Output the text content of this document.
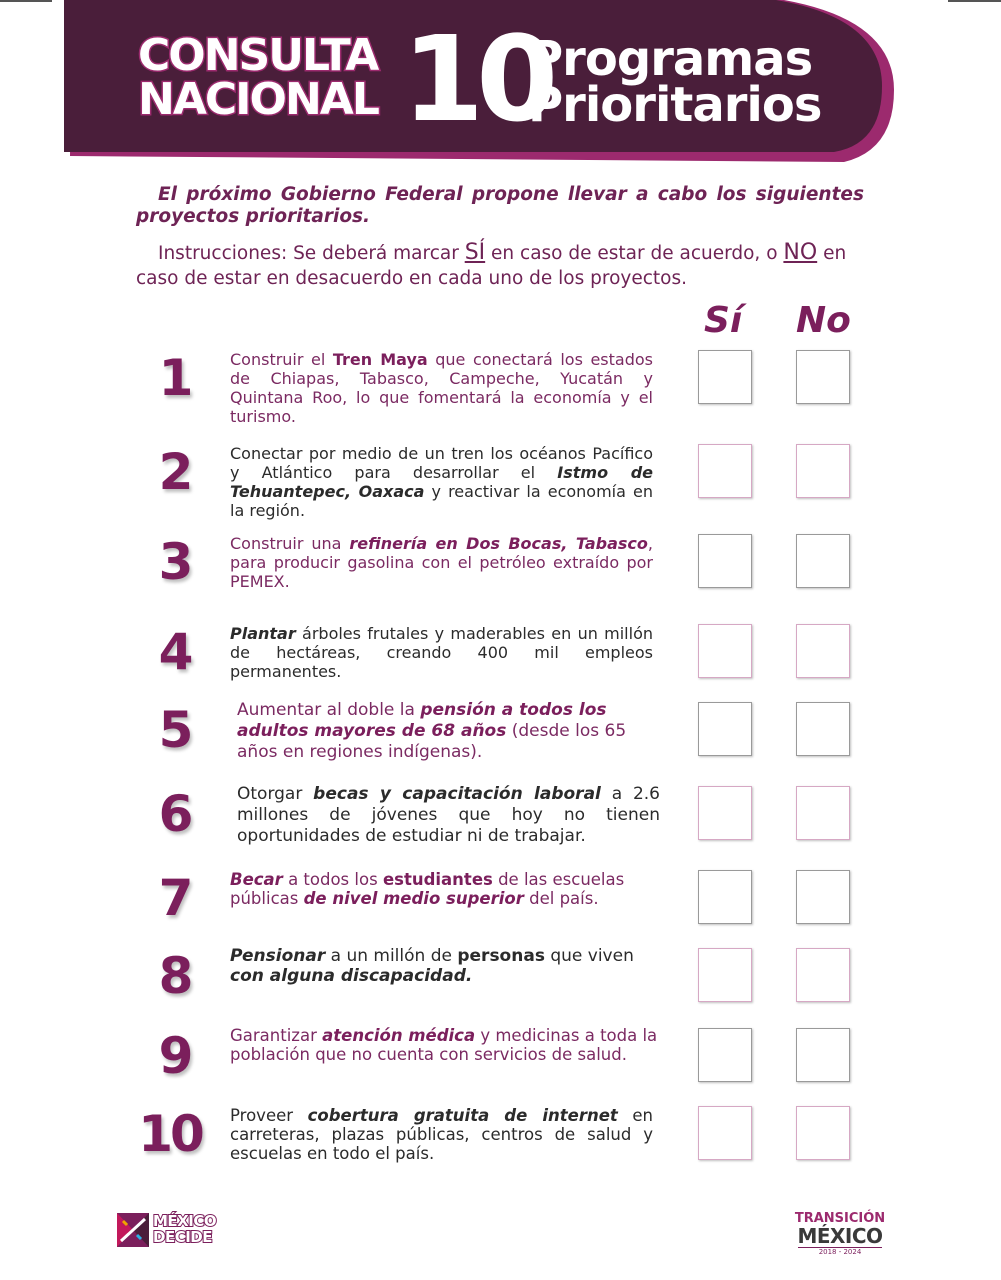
CONSULTA
NACIONAL 10
Programas
Prioritarios
El próximo Gobierno Federal propone llevar a cabo los siguientes proyectos prioritarios.
Instrucciones: Se deberá marcar SÍ en caso de estar de acuerdo, o NO en caso de estar en desacuerdo en cada uno de los proyectos.
Sí No
1	Construir el Tren Maya que conectará los estados de Chiapas, Tabasco, Campeche, Yucatán y Quintana Roo, lo que fomentará la economía y el turismo.
2	Conectar por medio de un tren los océanos Pacífico y Atlántico para desarrollar el Istmo de Tehuantepec, Oaxaca y reactivar la economía en la región.
3	Construir una refinería en Dos Bocas, Tabasco, para producir gasolina con el petróleo extraído por PEMEX.
4	Plantar árboles frutales y maderables en un millón de hectáreas, creando 400 mil empleos permanentes.
5	Aumentar al doble la pensión a todos los adultos mayores de 68 años (desde los 65 años en regiones indígenas).
6	Otorgar becas y capacitación laboral a 2.6 millones de jóvenes que hoy no tienen oportunidades de estudiar ni de trabajar.
7	Becar a todos los estudiantes de las escuelas públicas de nivel medio superior del país.
8	Pensionar a un millón de personas que viven con alguna discapacidad.
9	Garantizar atención médica y medicinas a toda la población que no cuenta con servicios de salud.
10 Proveer cobertura gratuita de internet en carreteras, plazas públicas, centros de salud y escuelas en todo el país.
MÉXICO
DECIDE
TRANSICIÓN
MÉXICO
2018 - 2024
